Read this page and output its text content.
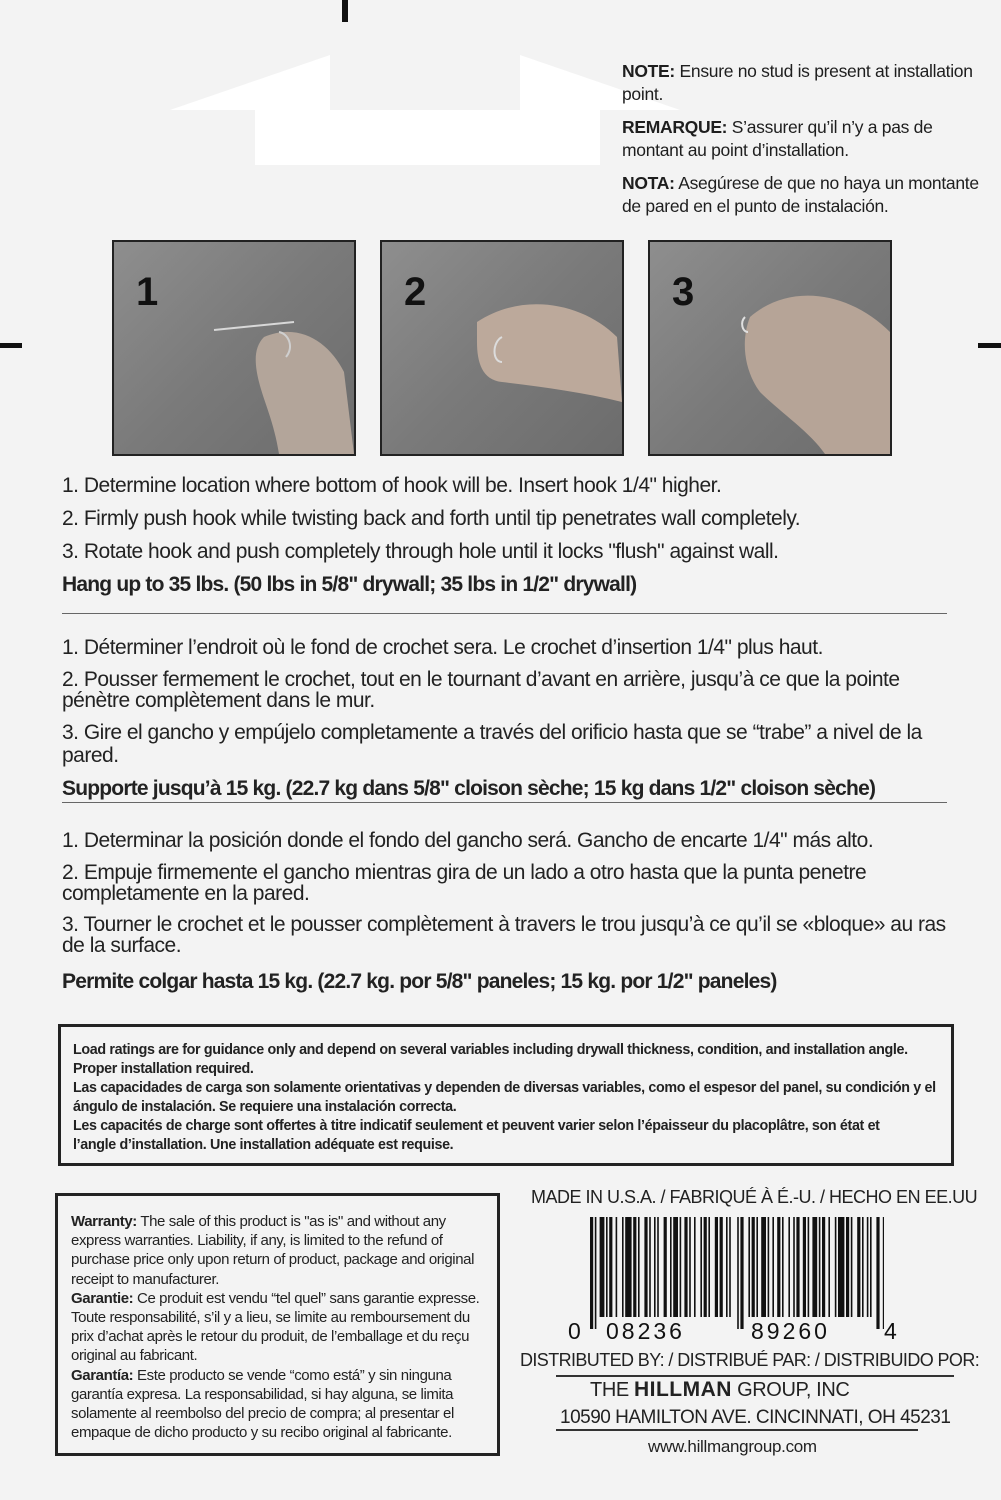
NOTE: Ensure no stud is present at installation point.

REMARQUE: S’assurer qu’il n’y a pas de montant au point d’installation.

NOTA: Asegúrese de que no haya un montante de pared en el punto de instalación.

1	2	3
1. Determine location where bottom of hook will be. Insert hook 1/4" higher.
2. Firmly push hook while twisting back and forth until tip penetrates wall completely.
3. Rotate hook and push completely through hole until it locks "flush" against wall.
Hang up to 35 lbs. (50 lbs in 5/8" drywall; 35 lbs in 1/2" drywall)
1. Déterminer l’endroit où le fond de crochet sera. Le crochet d’insertion 1/4" plus haut.
2. Pousser fermement le crochet, tout en le tournant d’avant en arrière, jusqu’à ce que la pointe pénètre complètement dans le mur.
3. Gire el gancho y empújelo completamente a través del orificio hasta que se “trabe” a nivel de la pared.
Supporte jusqu’à 15 kg. (22.7 kg dans 5/8" cloison sèche; 15 kg dans 1/2" cloison sèche)
1. Determinar la posición donde el fondo del gancho será. Gancho de encarte 1/4" más alto.
2. Empuje firmemente el gancho mientras gira de un lado a otro hasta que la punta penetre completamente en la pared.
3. Tourner le crochet et le pousser complètement à travers le trou jusqu’à ce qu’il se «bloque» au ras de la surface.
Permite colgar hasta 15 kg. (22.7 kg. por 5/8" paneles; 15 kg. por 1/2" paneles)
Load ratings are for guidance only and depend on several variables including drywall thickness, condition, and installation angle.
Proper installation required.
Las capacidades de carga son solamente orientativas y dependen de diversas variables, como el espesor del panel, su condición y el
ángulo de instalación. Se requiere una instalación correcta.
Les capacités de charge sont offertes à titre indicatif seulement et peuvent varier selon l’épaisseur du placoplâtre, son état et
l’angle d’installation. Une installation adéquate est requise.

Warranty: The sale of this product is "as is" and without any express warranties. Liability, if any, is limited to the refund of purchase price only upon return of product, package and original receipt to manufacturer.

Garantie: Ce produit est vendu “tel quel” sans garantie expresse. Toute responsabilité, s’il y a lieu, se limite au remboursement du prix d’achat après le retour du produit, de l’emballage et du reçu original au fabricant.

Garantía: Este producto se vende “como está” y sin ninguna garantía expresa. La responsabilidad, si hay alguna, se limita solamente al reembolso del precio de compra; al presentar el empaque de dicho producto y su recibo original al fabricante.

MADE IN U.S.A. / FABRIQUÉ À É.-U. / HECHO EN EE.UU
0 08236	89260 4
DISTRIBUTED BY: / DISTRIBUÉ PAR: / DISTRIBUIDO POR:
THE HILLMAN GROUP, INC
10590 HAMILTON AVE. CINCINNATI, OH 45231
www.hillmangroup.com
